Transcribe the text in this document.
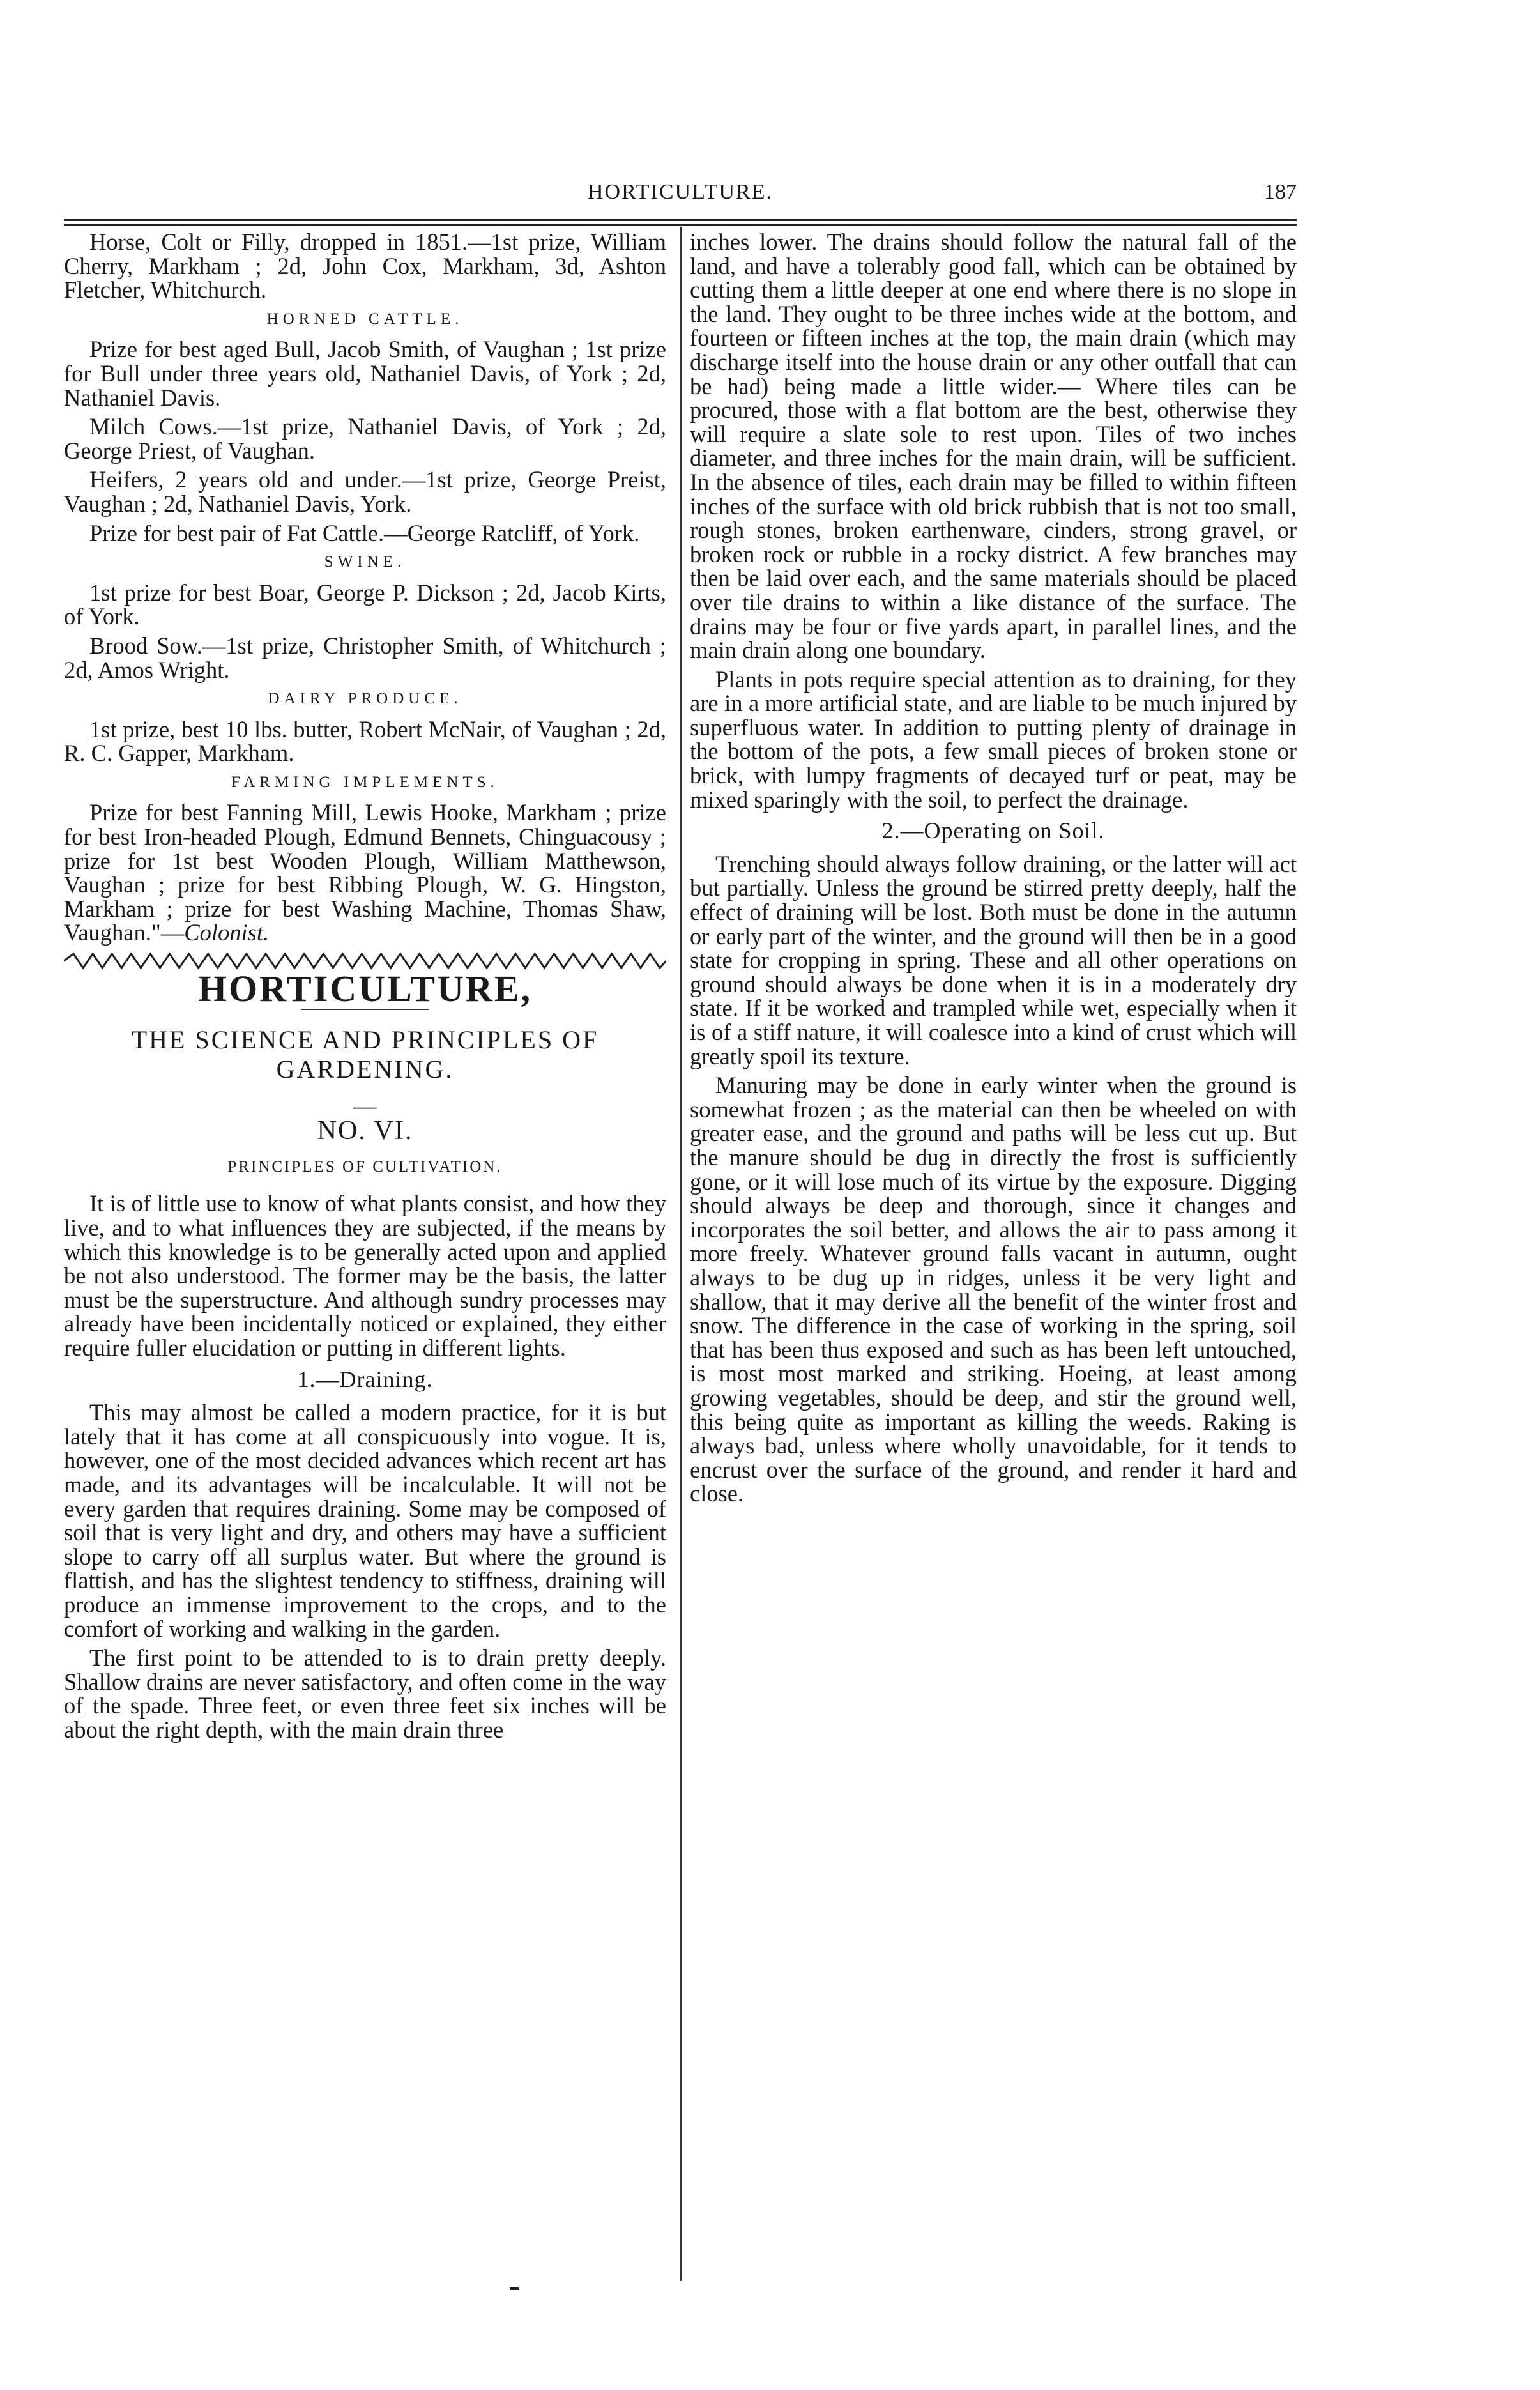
HORTICULTURE.	187

Horse, Colt or Filly, dropped in 1851.—1st prize, William Cherry, Markham ; 2d, John Cox, Markham, 3d, Ashton Fletcher, Whitchurch.

HORNED CATTLE.

Prize for best aged Bull, Jacob Smith, of Vaughan ; 1st prize for Bull under three years old, Nathaniel Davis, of York ; 2d, Nathaniel Davis.

Milch Cows.—1st prize, Nathaniel Davis, of York ; 2d, George Priest, of Vaughan.

Heifers, 2 years old and under.—1st prize, George Preist, Vaughan ; 2d, Nathaniel Davis, York.

Prize for best pair of Fat Cattle.—George Ratcliff, of York.

SWINE.

1st prize for best Boar, George P. Dickson ; 2d, Jacob Kirts, of York.

Brood Sow.—1st prize, Christopher Smith, of Whitchurch ; 2d, Amos Wright.

DAIRY PRODUCE.

1st prize, best 10 lbs. butter, Robert McNair, of Vaughan ; 2d, R. C. Gapper, Markham.

FARMING IMPLEMENTS.

Prize for best Fanning Mill, Lewis Hooke, Markham ; prize for best Iron-headed Plough, Edmund Bennets, Chinguacousy ; prize for 1st best Wooden Plough, William Matthewson, Vaughan ; prize for best Ribbing Plough, W. G. Hingston, Markham ; prize for best Washing Machine, Thomas Shaw, Vaughan."—Colonist.

HORTICULTURE,
THE SCIENCE AND PRINCIPLES OF GARDENING.
—
NO. VI.
PRINCIPLES OF CULTIVATION.

It is of little use to know of what plants consist, and how they live, and to what influences they are subjected, if the means by which this knowledge is to be generally acted upon and applied be not also understood. The former may be the basis, the latter must be the superstructure. And although sundry processes may already have been incidentally noticed or explained, they either require fuller elucidation or putting in different lights.

1.—Draining.

This may almost be called a modern practice, for it is but lately that it has come at all conspicuously into vogue. It is, however, one of the most decided advances which recent art has made, and its advantages will be incalculable. It will not be every garden that requires draining. Some may be composed of soil that is very light and dry, and others may have a sufficient slope to carry off all surplus water. But where the ground is flattish, and has the slightest tendency to stiffness, draining will produce an immense improvement to the crops, and to the comfort of working and walking in the garden.

The first point to be attended to is to drain pretty deeply. Shallow drains are never satisfactory, and often come in the way of the spade. Three feet, or even three feet six inches will be about the right depth, with the main drain three

inches lower. The drains should follow the natural fall of the land, and have a tolerably good fall, which can be obtained by cutting them a little deeper at one end where there is no slope in the land. They ought to be three inches wide at the bottom, and fourteen or fifteen inches at the top, the main drain (which may discharge itself into the house drain or any other outfall that can be had) being made a little wider.— Where tiles can be procured, those with a flat bottom are the best, otherwise they will require a slate sole to rest upon. Tiles of two inches diameter, and three inches for the main drain, will be sufficient. In the absence of tiles, each drain may be filled to within fifteen inches of the surface with old brick rubbish that is not too small, rough stones, broken earthenware, cinders, strong gravel, or broken rock or rubble in a rocky district. A few branches may then be laid over each, and the same materials should be placed over tile drains to within a like distance of the surface. The drains may be four or five yards apart, in parallel lines, and the main drain along one boundary.

Plants in pots require special attention as to draining, for they are in a more artificial state, and are liable to be much injured by superfluous water. In addition to putting plenty of drainage in the bottom of the pots, a few small pieces of broken stone or brick, with lumpy fragments of decayed turf or peat, may be mixed sparingly with the soil, to perfect the drainage.

2.—Operating on Soil.

Trenching should always follow draining, or the latter will act but partially. Unless the ground be stirred pretty deeply, half the effect of draining will be lost. Both must be done in the autumn or early part of the winter, and the ground will then be in a good state for cropping in spring. These and all other operations on ground should always be done when it is in a moderately dry state. If it be worked and trampled while wet, especially when it is of a stiff nature, it will coalesce into a kind of crust which will greatly spoil its texture.

Manuring may be done in early winter when the ground is somewhat frozen ; as the material can then be wheeled on with greater ease, and the ground and paths will be less cut up. But the manure should be dug in directly the frost is sufficiently gone, or it will lose much of its virtue by the exposure. Digging should always be deep and thorough, since it changes and incorporates the soil better, and allows the air to pass among it more freely. Whatever ground falls vacant in autumn, ought always to be dug up in ridges, unless it be very light and shallow, that it may derive all the benefit of the winter frost and snow. The difference in the case of working in the spring, soil that has been thus exposed and such as has been left untouched, is most most marked and striking. Hoeing, at least among growing vegetables, should be deep, and stir the ground well, this being quite as important as killing the weeds. Raking is always bad, unless where wholly unavoidable, for it tends to encrust over the surface of the ground, and render it hard and close.
